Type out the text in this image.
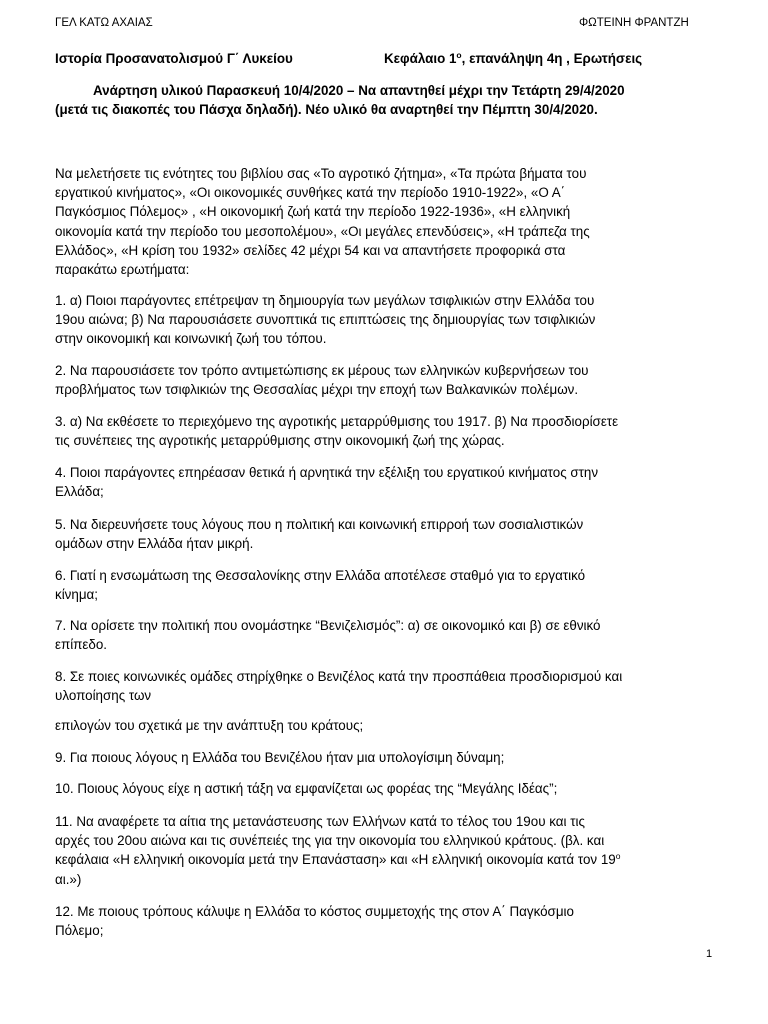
ΓΕΛ ΚΑΤΩ ΑΧΑΙΑΣ	ΦΩΤΕΙΝΗ ΦΡΑΝΤΖΗ
Ιστορία Προσανατολισμού Γ΄ Λυκείου	Κεφάλαιο $1^o$, επανάληψη 4η , Ερωτήσεις
Ανάρτηση υλικού Παρασκευή 10/4/2020 – Να απαντηθεί μέχρι την Τετάρτη 29/4/2020
(μετά τις διακοπές του Πάσχα δηλαδή). Νέο υλικό θα αναρτηθεί την Πέμπτη 30/4/2020.
Να μελετήσετε τις ενότητες του βιβλίου σας «Το αγροτικό ζήτημα», «Τα πρώτα βήματα του
εργατικού κινήματος», «Οι οικονομικές συνθήκες κατά την περίοδο 1910-1922», «Ο Α΄
Παγκόσμιος Πόλεμος» , «Η οικονομική ζωή κατά την περίοδο 1922-1936», «Η ελληνική
οικονομία κατά την περίοδο του μεσοπολέμου», «Οι μεγάλες επενδύσεις», «Η τράπεζα της
Ελλάδος», «Η κρίση του 1932» σελίδες 42 μέχρι 54 και να απαντήσετε προφορικά στα
παρακάτω ερωτήματα:
1. α) Ποιοι παράγοντες επέτρεψαν τη δημιουργία των μεγάλων τσιφλικιών στην Ελλάδα του
19ου αιώνα; β) Να παρουσιάσετε συνοπτικά τις επιπτώσεις της δημιουργίας των τσιφλικιών
στην οικονομική και κοινωνική ζωή του τόπου.
2. Να παρουσιάσετε τον τρόπο αντιμετώπισης εκ μέρους των ελληνικών κυβερνήσεων του
προβλήματος των τσιφλικιών της Θεσσαλίας μέχρι την εποχή των Βαλκανικών πολέμων.
3. α) Να εκθέσετε το περιεχόμενο της αγροτικής μεταρρύθμισης του 1917. β) Να προσδιορίσετε
τις συνέπειες της αγροτικής μεταρρύθμισης στην οικονομική ζωή της χώρας.
4. Ποιοι παράγοντες επηρέασαν θετικά ή αρνητικά την εξέλιξη του εργατικού κινήματος στην
Ελλάδα;
5. Να διερευνήσετε τους λόγους που η πολιτική και κοινωνική επιρροή των σοσιαλιστικών
ομάδων στην Ελλάδα ήταν μικρή.
6. Γιατί η ενσωμάτωση της Θεσσαλονίκης στην Ελλάδα αποτέλεσε σταθμό για το εργατικό
κίνημα;
7. Να ορίσετε την πολιτική που ονομάστηκε “Βενιζελισμός”: α) σε οικονομικό και β) σε εθνικό
επίπεδο.
8. Σε ποιες κοινωνικές ομάδες στηρίχθηκε ο Βενιζέλος κατά την προσπάθεια προσδιορισμού και
υλοποίησης των
επιλογών του σχετικά με την ανάπτυξη του κράτους;
9. Για ποιους λόγους η Ελλάδα του Βενιζέλου ήταν μια υπολογίσιμη δύναμη;
10. Ποιους λόγους είχε η αστική τάξη να εμφανίζεται ως φορέας της “Μεγάλης Ιδέας”;
11. Να αναφέρετε τα αίτια της μετανάστευσης των Ελλήνων κατά το τέλος του 19ου και τις
αρχές του 20ου αιώνα και τις συνέπειές της για την οικονομία του ελληνικού κράτους. (βλ. και
κεφάλαια «Η ελληνική οικονομία μετά την Επανάσταση» και «Η ελληνική οικονομία κατά τον $19^o$
αι.»)
12. Με ποιους τρόπους κάλυψε η Ελλάδα το κόστος συμμετοχής της στον Α΄ Παγκόσμιο
Πόλεμο;
1
